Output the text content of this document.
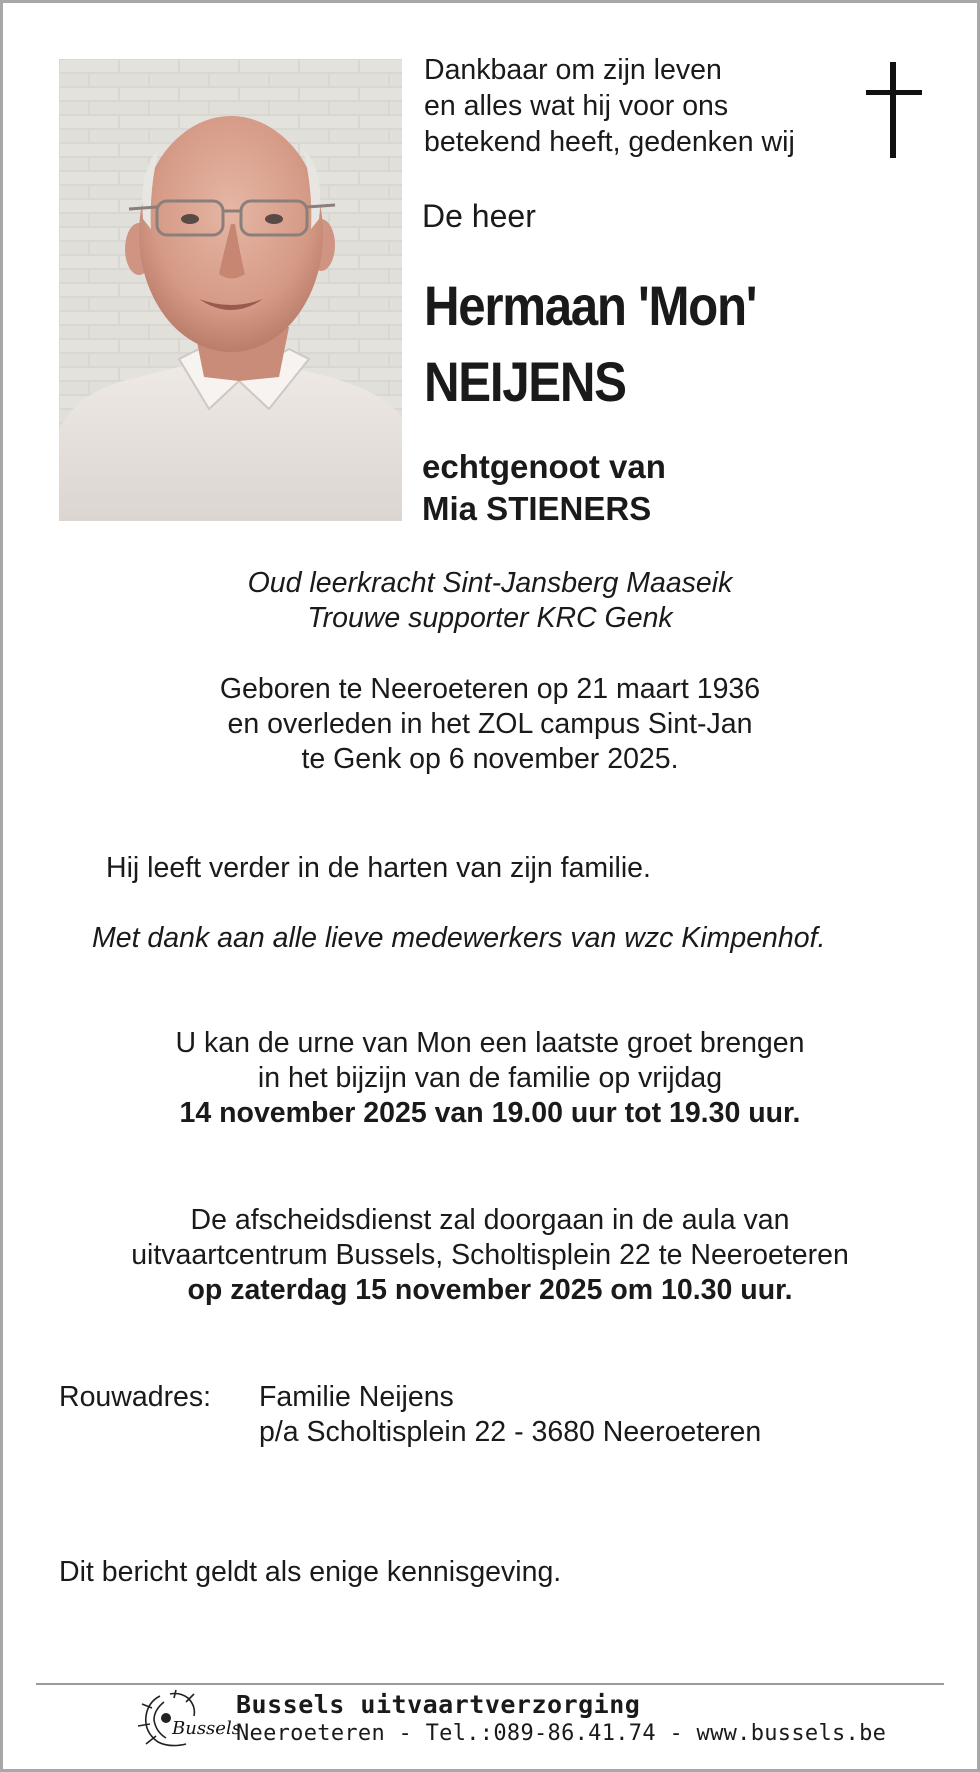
Dankbaar om zijn leven
en alles wat hij voor ons
betekend heeft, gedenken wij
De heer
Hermaan 'Mon'
NEIJENS
echtgenoot van
Mia STIENERS
Oud leerkracht Sint-Jansberg Maaseik
Trouwe supporter KRC Genk
Geboren te Neeroeteren op 21 maart 1936
en overleden in het ZOL campus Sint-Jan
te Genk op 6 november 2025.
Hij leeft verder in de harten van zijn familie.
Met dank aan alle lieve medewerkers van wzc Kimpenhof.
U kan de urne van Mon een laatste groet brengen
in het bijzijn van de familie op vrijdag
14 november 2025 van 19.00 uur tot 19.30 uur.
De afscheidsdienst zal doorgaan in de aula van
uitvaartcentrum Bussels, Scholtisplein 22 te Neeroeteren
op zaterdag 15 november 2025 om 10.30 uur.
Rouwadres: Familie Neijens
p/a Scholtisplein 22 - 3680 Neeroeteren
Dit bericht geldt als enige kennisgeving.
Bussels
Bussels uitvaartverzorging
Neeroeteren - Tel.:089-86.41.74 - www.bussels.be
